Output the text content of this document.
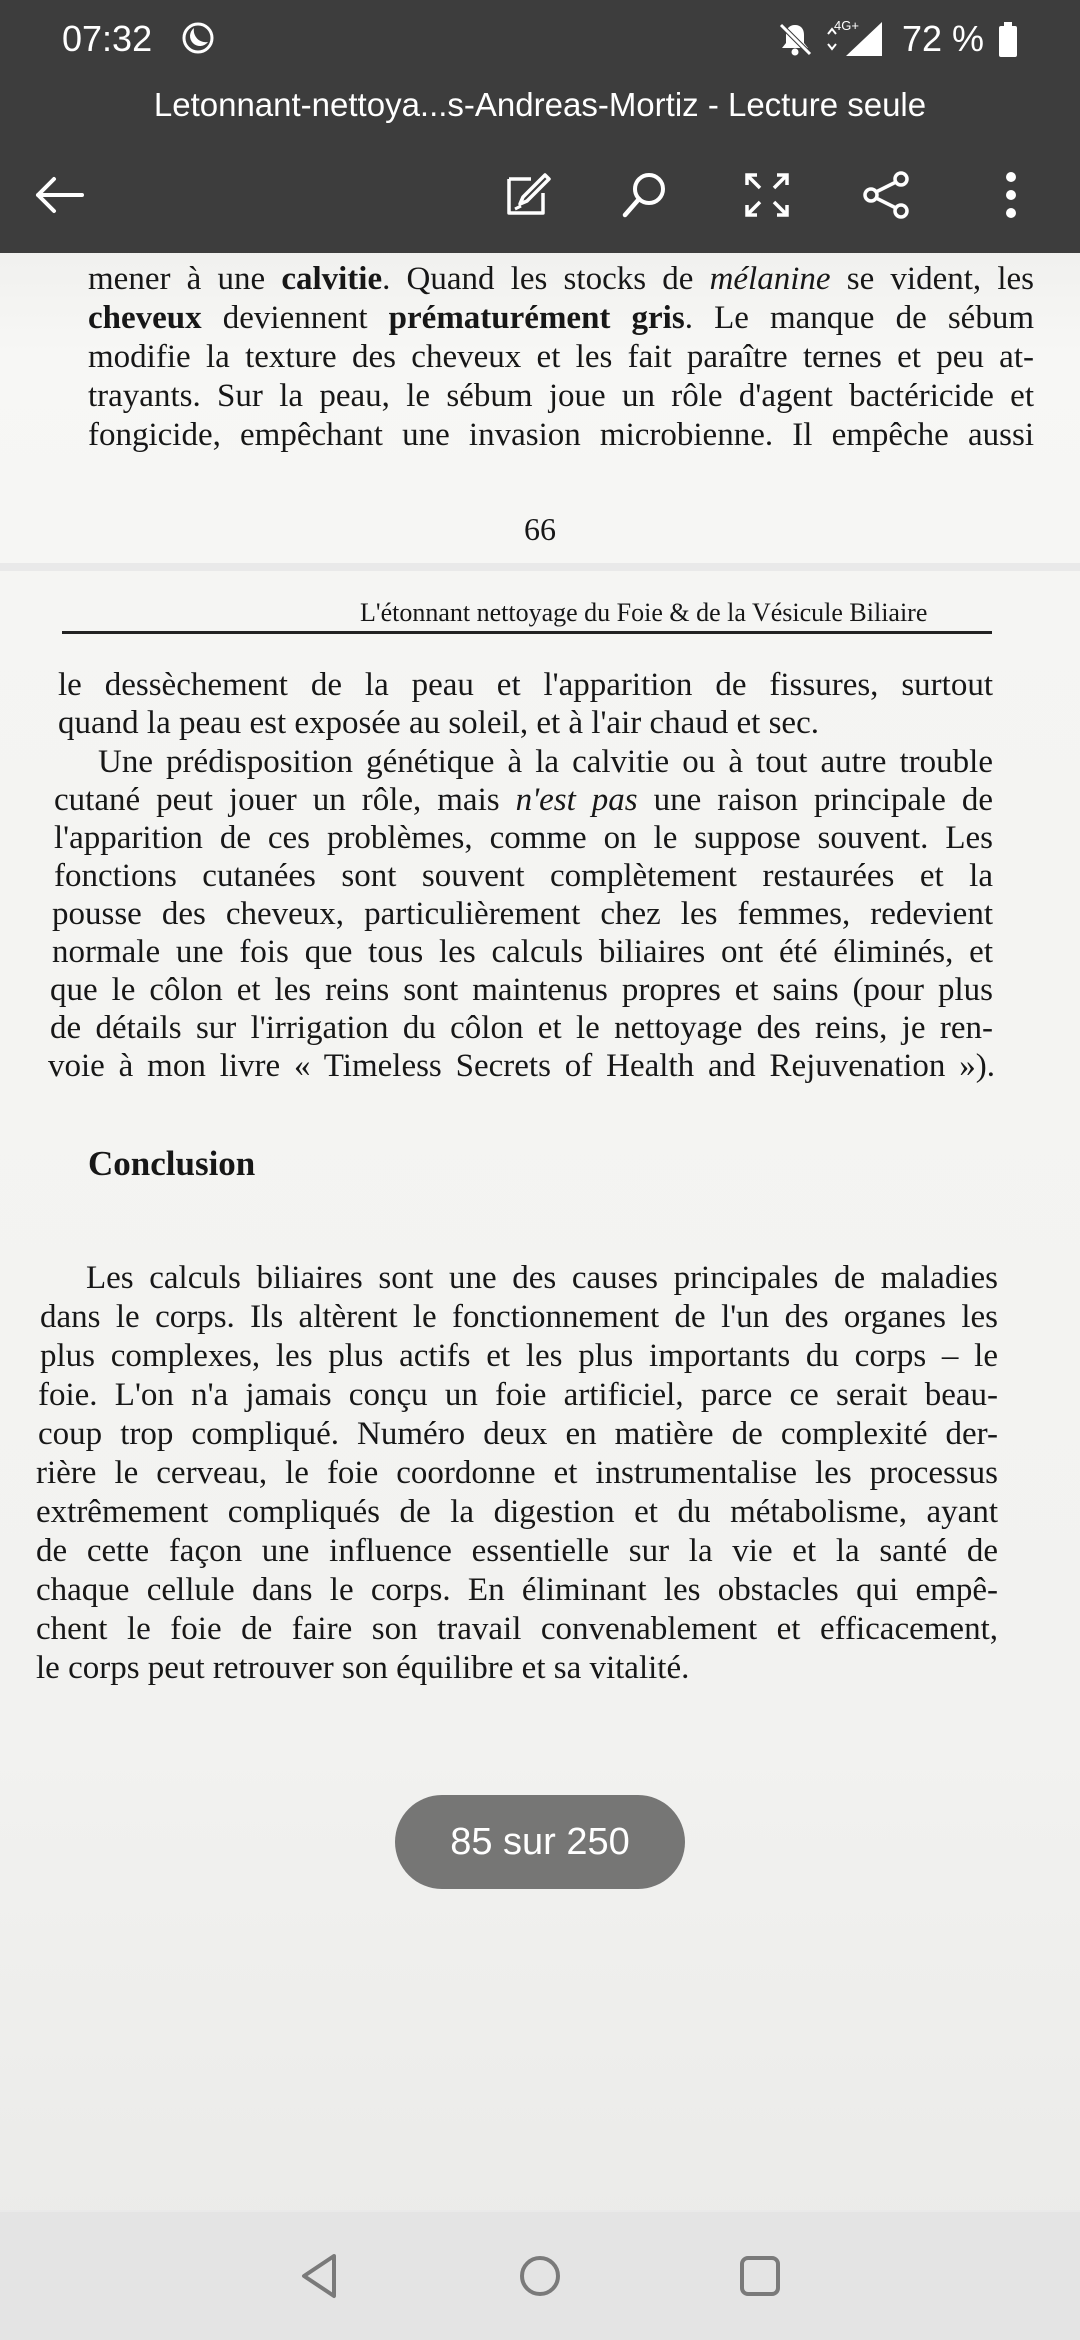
07:32	4G+ 72 %
Letonnant-nettoya...s-Andreas-Mortiz - Lecture seule
mener à une calvitie. Quand les stocks de mélanine se vident, les
cheveux deviennent prématurément gris. Le manque de sébum
modifie la texture des cheveux et les fait paraître ternes et peu at-
trayants. Sur la peau, le sébum joue un rôle d'agent bactéricide et
fongicide, empêchant une invasion microbienne. Il empêche aussi
66
L'étonnant nettoyage du Foie & de la Vésicule Biliaire
le dessèchement de la peau et l'apparition de fissures, surtout
quand la peau est exposée au soleil, et à l'air chaud et sec.
Une prédisposition génétique à la calvitie ou à tout autre trouble
cutané peut jouer un rôle, mais n'est pas une raison principale de
l'apparition de ces problèmes, comme on le suppose souvent. Les
fonctions cutanées sont souvent complètement restaurées et la
pousse des cheveux, particulièrement chez les femmes, redevient
normale une fois que tous les calculs biliaires ont été éliminés, et
que le côlon et les reins sont maintenus propres et sains (pour plus
de détails sur l'irrigation du côlon et le nettoyage des reins, je ren-
voie à mon livre « Timeless Secrets of Health and Rejuvenation »).
Conclusion
Les calculs biliaires sont une des causes principales de maladies
dans le corps. Ils altèrent le fonctionnement de l'un des organes les
plus complexes, les plus actifs et les plus importants du corps – le
foie. L'on n'a jamais conçu un foie artificiel, parce ce serait beau-
coup trop compliqué. Numéro deux en matière de complexité der-
rière le cerveau, le foie coordonne et instrumentalise les processus
extrêmement compliqués de la digestion et du métabolisme, ayant
de cette façon une influence essentielle sur la vie et la santé de
chaque cellule dans le corps. En éliminant les obstacles qui empê-
chent le foie de faire son travail convenablement et efficacement,
le corps peut retrouver son équilibre et sa vitalité.
85 sur 250
